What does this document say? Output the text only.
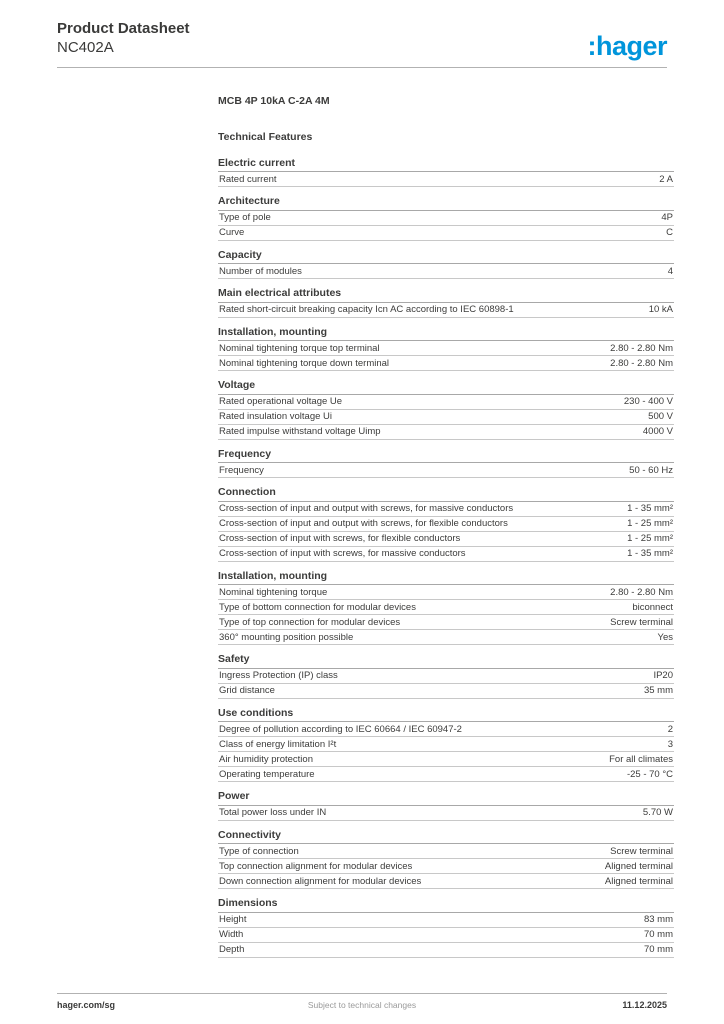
Product Datasheet
NC402A	:hager
MCB 4P 10kA C-2A 4M
Technical Features
Electric current
Rated current	2 A
Architecture
Type of pole	4P
Curve	C
Capacity
Number of modules	4
Main electrical attributes
Rated short-circuit breaking capacity Icn AC according to IEC 60898-1	10 kA
Installation, mounting
Nominal tightening torque top terminal	2.80 - 2.80 Nm
Nominal tightening torque down terminal	2.80 - 2.80 Nm
Voltage
Rated operational voltage Ue	230 - 400 V
Rated insulation voltage Ui	500 V
Rated impulse withstand voltage Uimp	4000 V
Frequency
Frequency	50 - 60 Hz
Connection
Cross-section of input and output with screws, for massive conductors	1 - 35 mm²
Cross-section of input and output with screws, for flexible conductors	1 - 25 mm²
Cross-section of input with screws, for flexible conductors	1 - 25 mm²
Cross-section of input with screws, for massive conductors	1 - 35 mm²
Installation, mounting
Nominal tightening torque	2.80 - 2.80 Nm
Type of bottom connection for modular devices	biconnect
Type of top connection for modular devices	Screw terminal
360° mounting position possible	Yes
Safety
Ingress Protection (IP) class	IP20
Grid distance	35 mm
Use conditions
Degree of pollution according to IEC 60664 / IEC 60947-2	2
Class of energy limitation I²t	3
Air humidity protection	For all climates
Operating temperature	-25 - 70 °C
Power
Total power loss under IN	5.70 W
Connectivity
Type of connection	Screw terminal
Top connection alignment for modular devices	Aligned terminal
Down connection alignment for modular devices	Aligned terminal
Dimensions
Height	83 mm
Width	70 mm
Depth	70 mm
hager.com/sg	Subject to technical changes	11.12.2025
